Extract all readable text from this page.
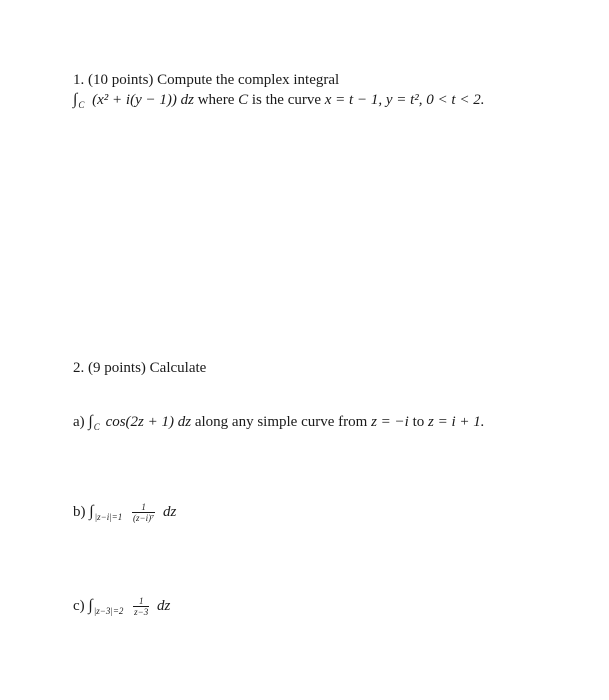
1. (10 points) Compute the complex integral
$\int_C$ (x² + i(y − 1)) dz where C is the curve x = t − 1, y = t², 0 < t < 2.
2. (9 points) Calculate
a) $\int_C$ cos(2z + 1) dz along any simple curve from z = −i to z = i + 1.
b) $\int_{|z-i|=1} \frac{1}{\text{(z−i)⁷}}$ dz
c) $\int_{|z-3|=2} \frac{1}{z-3}$ dz
